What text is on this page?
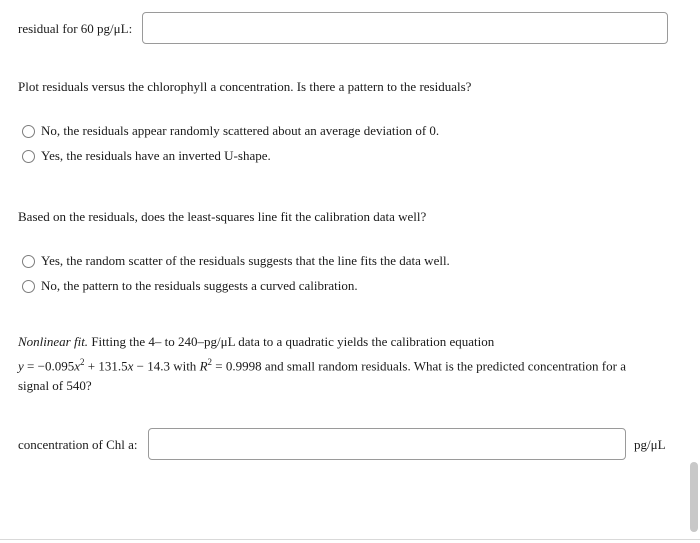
residual for 60 pg/μL:
Plot residuals versus the chlorophyll a concentration. Is there a pattern to the residuals?
No, the residuals appear randomly scattered about an average deviation of 0.
Yes, the residuals have an inverted U-shape.
Based on the residuals, does the least-squares line fit the calibration data well?
Yes, the random scatter of the residuals suggests that the line fits the data well.
No, the pattern to the residuals suggests a curved calibration.
Nonlinear fit. Fitting the 4– to 240–pg/μL data to a quadratic yields the calibration equation
$y = -0.095x^2 + 131.5x - 14.3$ with $R^2 = 0.9998$ and small random residuals. What is the predicted concentration for a
signal of 540?
concentration of Chl a:	pg/μL
